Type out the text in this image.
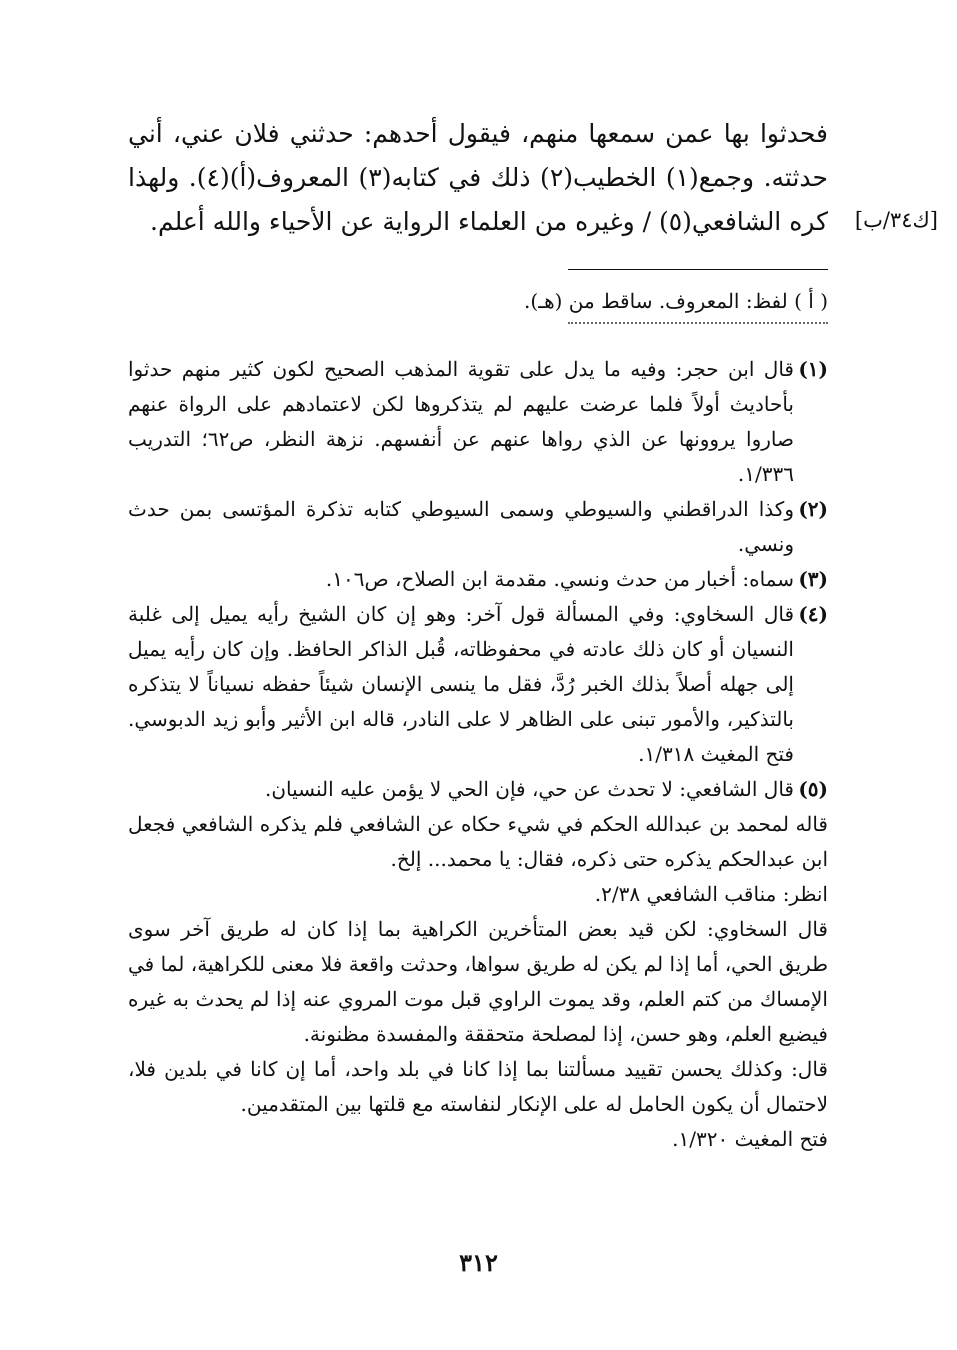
فحدثوا بها عمن سمعها منهم، فيقول أحدهم: حدثني فلان عني، أني حدثته. وجمع(١) الخطيب(٢) ذلك في كتابه(٣) المعروف(أ)(٤). ولهذا كره الشافعي(٥) / وغيره من العلماء الرواية عن الأحياء والله أعلم.	[ك٣٤/ب]

( أ ) لفظ: المعروف. ساقط من (هـ).

(١)
قال ابن حجر: وفيه ما يدل على تقوية المذهب الصحيح لكون كثير منهم حدثوا بأحاديث أولاً فلما عرضت عليهم لم يتذكروها لكن لاعتمادهم على الرواة عنهم صاروا يروونها عن الذي رواها عنهم عن أنفسهم. نزهة النظر، ص٦٢؛ التدريب ١/٣٣٦.
(٢)
وكذا الدراقطني والسيوطي وسمى السيوطي كتابه تذكرة المؤتسى بمن حدث ونسي.
(٣)
سماه: أخبار من حدث ونسي. مقدمة ابن الصلاح، ص١٠٦.
(٤)
قال السخاوي: وفي المسألة قول آخر: وهو إن كان الشيخ رأيه يميل إلى غلبة النسيان أو كان ذلك عادته في محفوظاته، قُبل الذاكر الحافظ. وإن كان رأيه يميل إلى جهله أصلاً بذلك الخبر رُدَّ، فقل ما ينسى الإنسان شيئاً حفظه نسياناً لا يتذكره بالتذكير، والأمور تبنى على الظاهر لا على النادر، قاله ابن الأثير وأبو زيد الدبوسي. فتح المغيث ١/٣١٨.
(٥)
قال الشافعي: لا تحدث عن حي، فإن الحي لا يؤمن عليه النسيان.

قاله لمحمد بن عبدالله الحكم في شيء حكاه عن الشافعي فلم يذكره الشافعي فجعل ابن عبدالحكم يذكره حتى ذكره، فقال: يا محمد... إلخ.

انظر: مناقب الشافعي ٢/٣٨.

قال السخاوي: لكن قيد بعض المتأخرين الكراهية بما إذا كان له طريق آخر سوى طريق الحي، أما إذا لم يكن له طريق سواها، وحدثت واقعة فلا معنى للكراهية، لما في الإمساك من كتم العلم، وقد يموت الراوي قبل موت المروي عنه إذا لم يحدث به غيره فيضيع العلم، وهو حسن، إذا لمصلحة متحققة والمفسدة مظنونة.

قال: وكذلك يحسن تقييد مسألتنا بما إذا كانا في بلد واحد، أما إن كانا في بلدين فلا، لاحتمال أن يكون الحامل له على الإنكار لنفاسته مع قلتها بين المتقدمين.

فتح المغيث ١/٣٢٠.

٣١٢
